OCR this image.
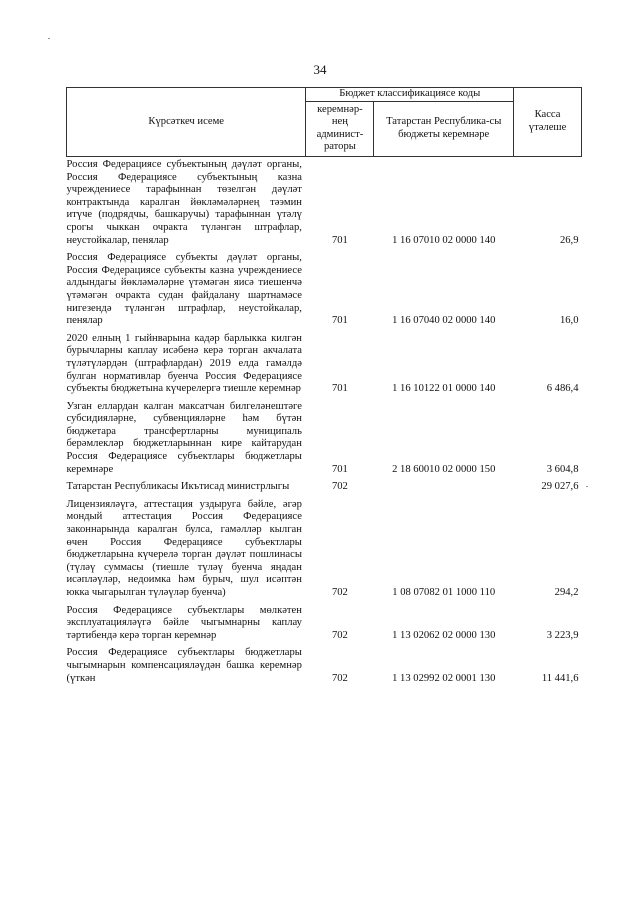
34
Күрсәткеч исеме	Бюджет классификациясе коды		Касса үтәлеше
	керемнәр-нең админист-раторы	Татарстан Республика-сы бюджеты керемнәре	
Россия Федерациясе субъектының дәүләт органы, Россия Федерациясе субъектының казна учреждениесе тарафыннан төзелгән дәүләт контрактында каралган йөкләмәләрнең тәэмин итүче (подрядчы, башкаручы) тарафыннан үтәлү срогы чыккан очракта түләнгән штрафлар, неустойкалар, пенялар	701	1 16 07010 02 0000 140	26,9
Россия Федерациясе субъекты дәүләт органы, Россия Федерациясе субъекты казна учреждениесе алдындагы йөкләмәләрне үтәмәгән яисә тиешенчә үтәмәгән очракта судан файдалану шартнамәсе нигезендә түләнгән штрафлар, неустойкалар, пенялар	701	1 16 07040 02 0000 140	16,0
2020 елның 1 гыйнварына кадәр барлыкка килгән бурычларны каплау исәбенә керә торган акчалата түләтүләрдән (штрафлардан) 2019 елда гамәлдә булган нормативлар буенча Россия Федерациясе субъекты бюджетына күчерелергә тиешле керемнәр	701	1 16 10122 01 0000 140	6 486,4
Узган еллардан калган максатчан билгеләнештәге субсидияләрне, субвенцияләрне һәм бүтән бюджетара трансфертларны муниципаль берәмлекләр бюджетларыннан кире кайтарудан Россия Федерациясе субъектлары бюджетлары керемнәре	701	2 18 60010 02 0000 150	3 604,8
Татарстан Республикасы Икътисад министрлыгы	702		29 027,6
Лицензияләүгә, аттестация уздыруга бәйле, әгәр мондый аттестация Россия Федерациясе законнарында каралган булса, гамәлләр кылган өчен Россия Федерациясе субъектлары бюджетларына күчерелә торган дәүләт пошлинасы (түләү суммасы (тиешле түләү буенча яңадан исәпләүләр, недоимка һәм бурыч, шул исәптән юкка чыгарылган түләүләр буенча)	702	1 08 07082 01 1000 110	294,2
Россия Федерациясе субъектлары мөлкәтен эксплуатацияләүгә бәйле чыгымнарны каплау тәртибендә керә торган керемнәр	702	1 13 02062 02 0000 130	3 223,9
Россия Федерациясе субъектлары бюджетлары чыгымнарын компенсацияләүдән башка керемнәр (үткән	702	1 13 02992 02 0001 130	11 441,6
